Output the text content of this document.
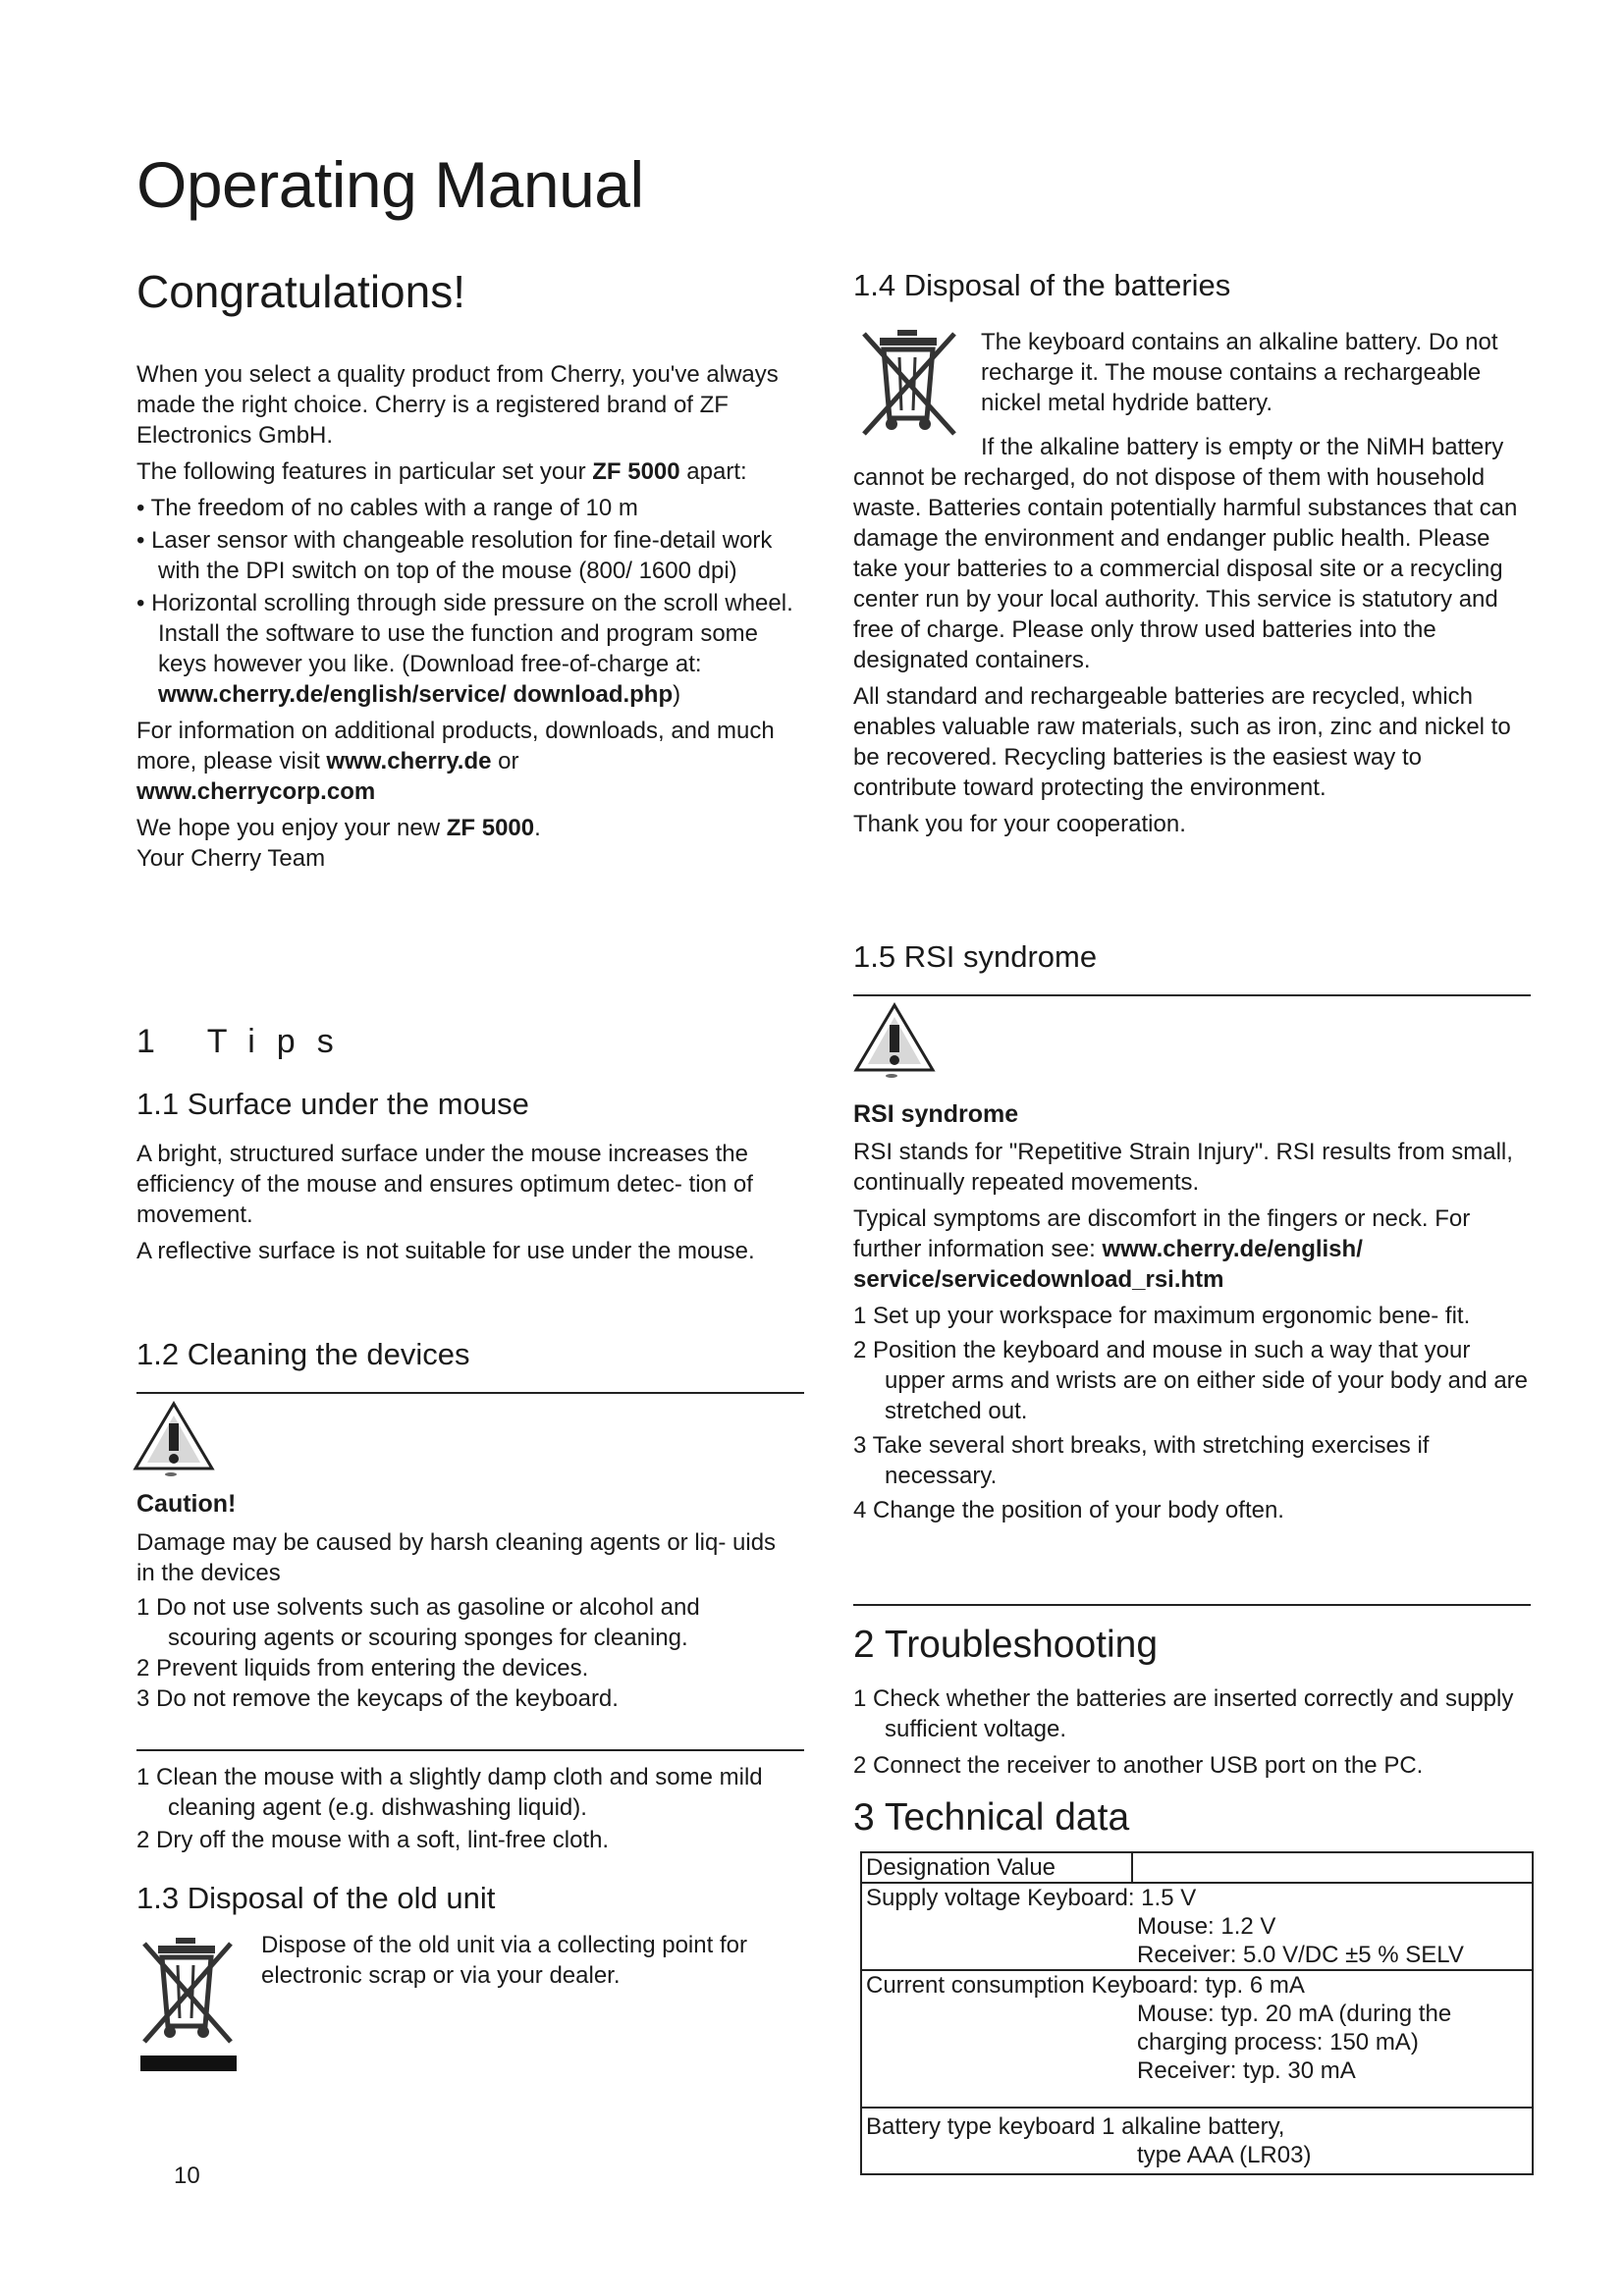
Operating Manual
Congratulations!
When you select a quality product from Cherry, you've always made the right choice. Cherry is a registered brand of ZF Electronics GmbH.
The following features in particular set your ZF 5000 apart:
• The freedom of no cables with a range of 10 m
• Laser sensor with changeable resolution for fine-detail work with the DPI switch on top of the mouse (800/ 1600 dpi)
• Horizontal scrolling through side pressure on the scroll wheel. Install the software to use the function and program some keys however you like. (Download free-of-charge at: www.cherry.de/english/service/ download.php)
For information on additional products, downloads, and much more, please visit www.cherry.de or
www.cherrycorp.com
We hope you enjoy your new ZF 5000.
Your Cherry Team
1 Tips
1.1 Surface under the mouse
A bright, structured surface under the mouse increases the efficiency of the mouse and ensures optimum detec- tion of movement.
A reflective surface is not suitable for use under the mouse.
1.2 Cleaning the devices
Caution!
Damage may be caused by harsh cleaning agents or liq- uids in the devices
1 Do not use solvents such as gasoline or alcohol and scouring agents or scouring sponges for cleaning.
2 Prevent liquids from entering the devices.
3 Do not remove the keycaps of the keyboard.
1 Clean the mouse with a slightly damp cloth and some mild cleaning agent (e.g. dishwashing liquid).
2 Dry off the mouse with a soft, lint-free cloth.
1.3 Disposal of the old unit
Dispose of the old unit via a collecting point for electronic scrap or via your dealer.
10
1.4 Disposal of the batteries
The keyboard contains an alkaline battery. Do not recharge it. The mouse contains a rechargeable nickel metal hydride battery.
If the alkaline battery is empty or the NiMH battery cannot be recharged, do not dispose of them with household waste. Batteries contain potentially harmful substances that can damage the environment and endanger public health. Please take your batteries to a commercial disposal site or a recycling center run by your local authority. This service is statutory and free of charge. Please only throw used batteries into the designated containers.
All standard and rechargeable batteries are recycled, which enables valuable raw materials, such as iron, zinc and nickel to be recovered. Recycling batteries is the easiest way to contribute toward protecting the environment.
Thank you for your cooperation.
1.5 RSI syndrome
RSI syndrome
RSI stands for "Repetitive Strain Injury". RSI results from small, continually repeated movements.
Typical symptoms are discomfort in the fingers or neck. For further information see: www.cherry.de/english/ service/servicedownload_rsi.htm
1 Set up your workspace for maximum ergonomic bene- fit.
2 Position the keyboard and mouse in such a way that your upper arms and wrists are on either side of your body and are stretched out.
3 Take several short breaks, with stretching exercises if necessary.
4 Change the position of your body often.
2 Troubleshooting
1 Check whether the batteries are inserted correctly and supply sufficient voltage.
2 Connect the receiver to another USB port on the PC.
3 Technical data
Designation Value	

Supply voltage Keyboard: 1.5 V
Mouse: 1.2 V
Receiver: 5.0 V/DC ±5 % SELV

Current consumption Keyboard: typ. 6 mA
Mouse: typ. 20 mA (during the charging process: 150 mA)
Receiver: typ. 30 mA

Battery type keyboard 1 alkaline battery,
type AAA (LR03)
